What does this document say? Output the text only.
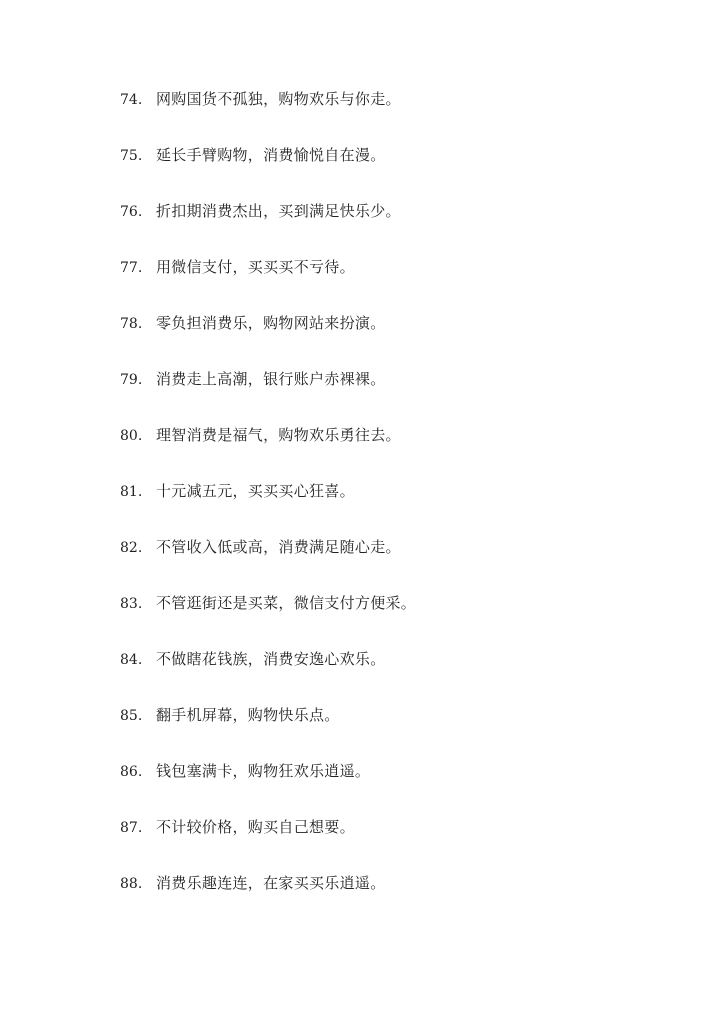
74. 网购国货不孤独，购物欢乐与你走。
75. 延长手臂购物，消费愉悦自在漫。
76. 折扣期消费杰出，买到满足快乐少。
77. 用微信支付，买买买不亏待。
78. 零负担消费乐，购物网站来扮演。
79. 消费走上高潮，银行账户赤裸裸。
80. 理智消费是福气，购物欢乐勇往去。
81. 十元减五元，买买买心狂喜。
82. 不管收入低或高，消费满足随心走。
83. 不管逛街还是买菜，微信支付方便采。
84. 不做瞎花钱族，消费安逸心欢乐。
85. 翻手机屏幕，购物快乐点。
86. 钱包塞满卡，购物狂欢乐逍遥。
87. 不计较价格，购买自己想要。
88. 消费乐趣连连，在家买买乐逍遥。
